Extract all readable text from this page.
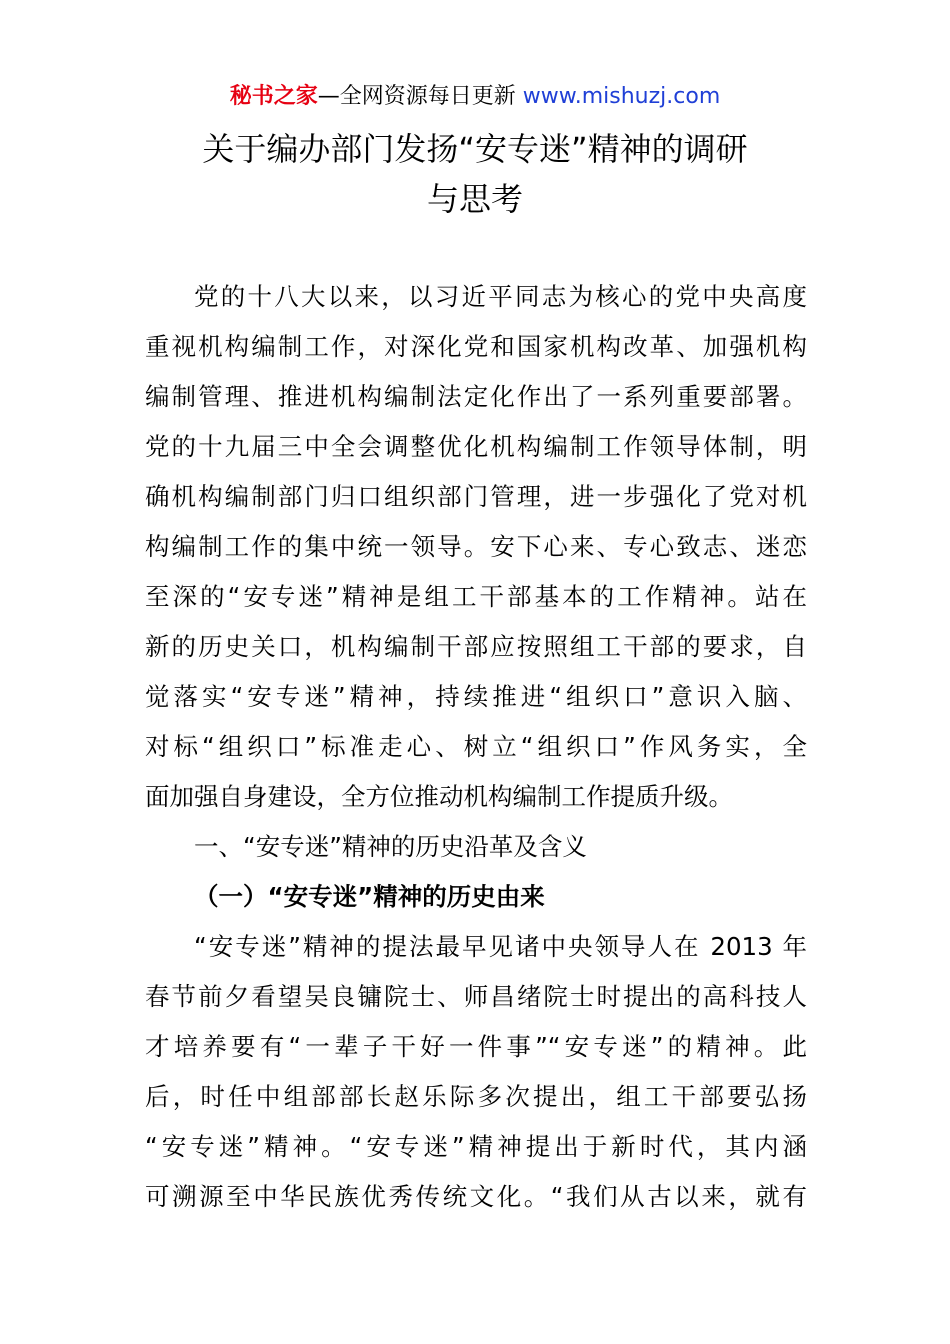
秘书之家—全网资源每日更新 www.mishuzj.com
关于编办部门发扬“安专迷”精神的调研
与思考
党的十八大以来，以习近平同志为核心的党中央高度
重视机构编制工作，对深化党和国家机构改革、加强机构
编制管理、推进机构编制法定化作出了一系列重要部署。
党的十九届三中全会调整优化机构编制工作领导体制，明
确机构编制部门归口组织部门管理，进一步强化了党对机
构编制工作的集中统一领导。安下心来、专心致志、迷恋
至深的“安专迷”精神是组工干部基本的工作精神。站在
新的历史关口，机构编制干部应按照组工干部的要求，自
觉落实“安专迷”精神，持续推进“组织口”意识入脑、
对标“组织口”标准走心、树立“组织口”作风务实，全
面加强自身建设，全方位推动机构编制工作提质升级。
一、“安专迷”精神的历史沿革及含义
（一）“安专迷”精神的历史由来
“安专迷”精神的提法最早见诸中央领导人在 2013 年
春节前夕看望吴良镛院士、师昌绪院士时提出的高科技人
才培养要有“一辈子干好一件事”“安专迷”的精神。此
后，时任中组部部长赵乐际多次提出，组工干部要弘扬
“安专迷”精神。“安专迷”精神提出于新时代，其内涵
可溯源至中华民族优秀传统文化。“我们从古以来，就有
